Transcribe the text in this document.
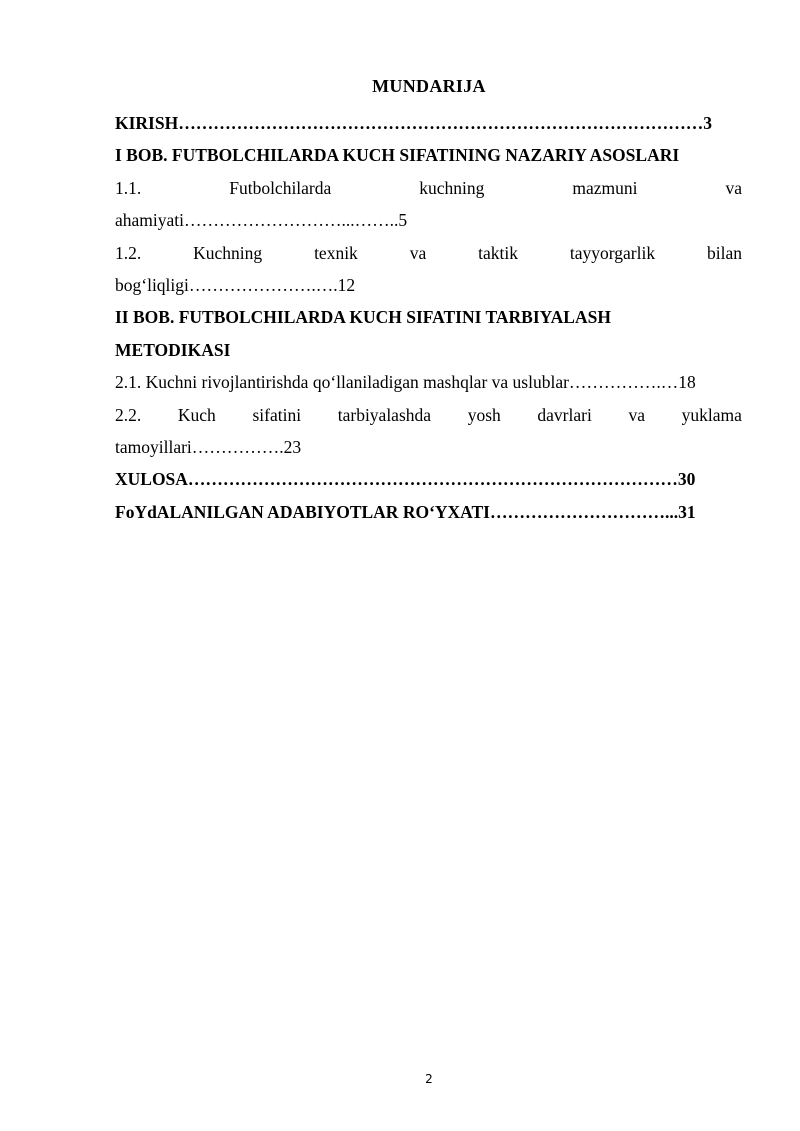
MUNDARIJA
KIRISH………………………………………………………………………………3
I BOB. FUTBOLCHILARDA KUCH SIFATINING NAZARIY ASOSLARI
1.1.	Futbolchilarda	kuchning	mazmuni	va
ahamiyati………………………...……..5
1.2.	Kuchning	texnik	va	taktik	tayyorgarlik	bilan
bog‘liqligi………………….….12
II BOB. FUTBOLCHILARDA KUCH SIFATINI TARBIYALASH
METODIKASI
2.1. Kuchni rivojlantirishda qo‘llaniladigan mashqlar va uslublar…………….…18
2.2. Kuch sifatini tarbiyalashda yosh davrlari va yuklama
tamoyillari…………….23
XULOSA…………………………………………………………………………30
FoYdALANILGAN ADABIYOTLAR RO‘YXATI…………………………...31
2
